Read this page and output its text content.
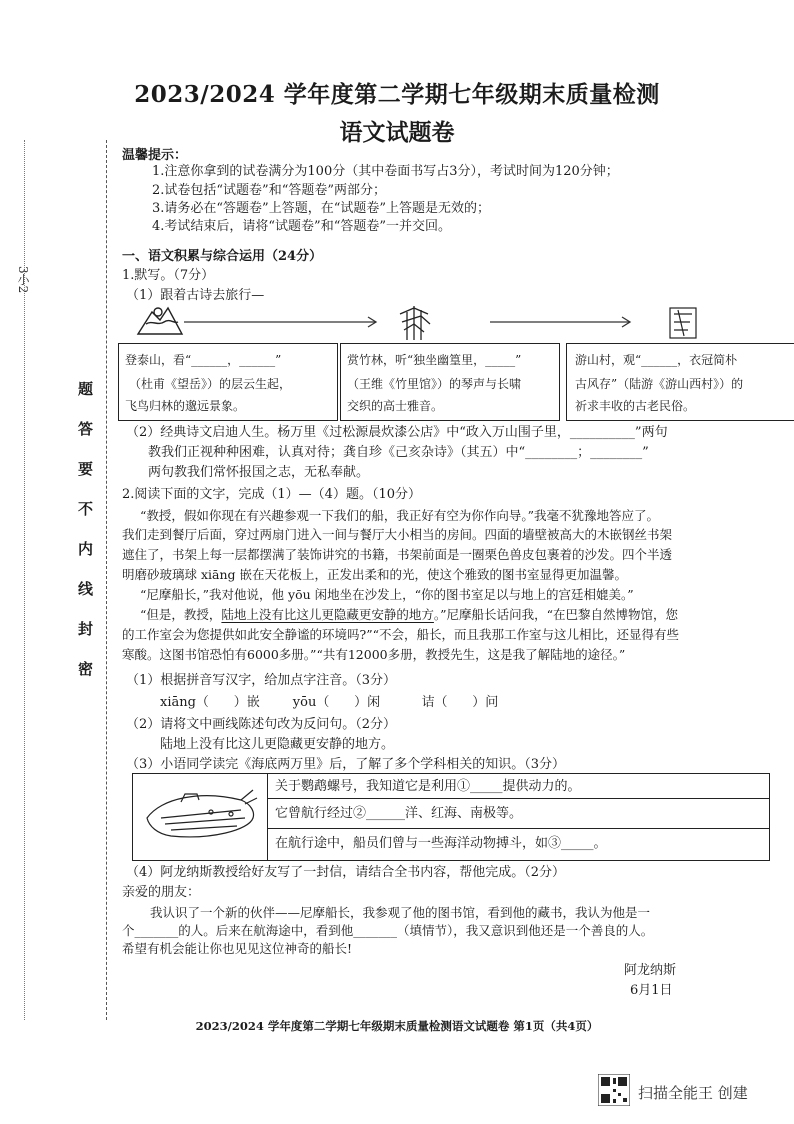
3小2
题
答
要
不
内
线
封
密
2023/2024 学年度第二学期七年级期末质量检测
语文试题卷
温馨提示：
1.注意你拿到的试卷满分为100分（其中卷面书写占3分），考试时间为120分钟；
2.试卷包括“试题卷”和“答题卷”两部分；
3.请务必在“答题卷”上答题，在“试题卷”上答题是无效的；
4.考试结束后，请将“试题卷”和“答题卷”一并交回。
一、语文积累与综合运用（24分）
1.默写。（7分）
（1）跟着古诗去旅行—
登泰山，看“______，______”
（杜甫《望岳》）的层云生起，
飞鸟归林的邈远景象。
赏竹林，听“独坐幽篁里，_____”
（王维《竹里馆》）的琴声与长啸
交织的高士雅音。
游山村，观“______，衣冠简朴
古风存”（陆游《游山西村》）的
祈求丰收的古老民俗。
（2）经典诗文启迪人生。杨万里《过松源晨炊漆公店》中“政入万山围子里，__________”两句
教我们正视种种困难，认真对待；龚自珍《己亥杂诗》（其五）中“________；________”
两句教我们常怀报国之志，无私奉献。
2.阅读下面的文字，完成（1）—（4）题。（10分）
“教授，假如你现在有兴趣参观一下我们的船，我正好有空为你作向导。”我毫不犹豫地答应了。
我们走到餐厅后面，穿过两扇门进入一间与餐厅大小相当的房间。四面的墙壁被高大的木嵌钢丝书架
遮住了，书架上每一层都摆满了装饰讲究的书籍，书架前面是一圈栗色兽皮包裹着的沙发。四个半透
明磨砂玻璃球 xiāng 嵌在天花板上，正发出柔和的光，使这个雅致的图书室显得更加温馨。
“尼摩船长，”我对他说，他 yōu 闲地坐在沙发上，“你的图书室足以与地上的宫廷相媲美。”
“但是，教授，陆地上没有比这儿更隐藏更安静的地方。”尼摩船长话问我，“在巴黎自然博物馆，您
的工作室会为您提供如此安全静谧的环境吗?”“不会，船长，而且我那工作室与这儿相比，还显得有些
寒酸。这图书馆恐怕有6000多册。”“共有12000多册，教授先生，这是我了解陆地的途径。”
（1）根据拼音写汉字，给加点字注音。（3分）
xiāng（      ）嵌        yōu（      ）闲          诘（      ）问
（2）请将文中画线陈述句改为反问句。（2分）
陆地上没有比这儿更隐藏更安静的地方。
（3）小语同学读完《海底两万里》后，了解了多个学科相关的知识。（3分）
关于鹦鹉螺号，我知道它是利用①_____提供动力的。
它曾航行经过②______洋、红海、南极等。
在航行途中，船员们曾与一些海洋动物搏斗，如③_____。
（4）阿龙纳斯教授给好友写了一封信，请结合全书内容，帮他完成。（2分）
亲爱的朋友：
我认识了一个新的伙伴——尼摩船长，我参观了他的图书馆，看到他的藏书，我认为他是一
个_______的人。后来在航海途中，看到他_______（填情节），我又意识到他还是一个善良的人。
希望有机会能让你也见见这位神奇的船长!
阿龙纳斯
6月1日
2023/2024 学年度第二学期七年级期末质量检测语文试题卷 第1页（共4页）
扫描全能王 创建
